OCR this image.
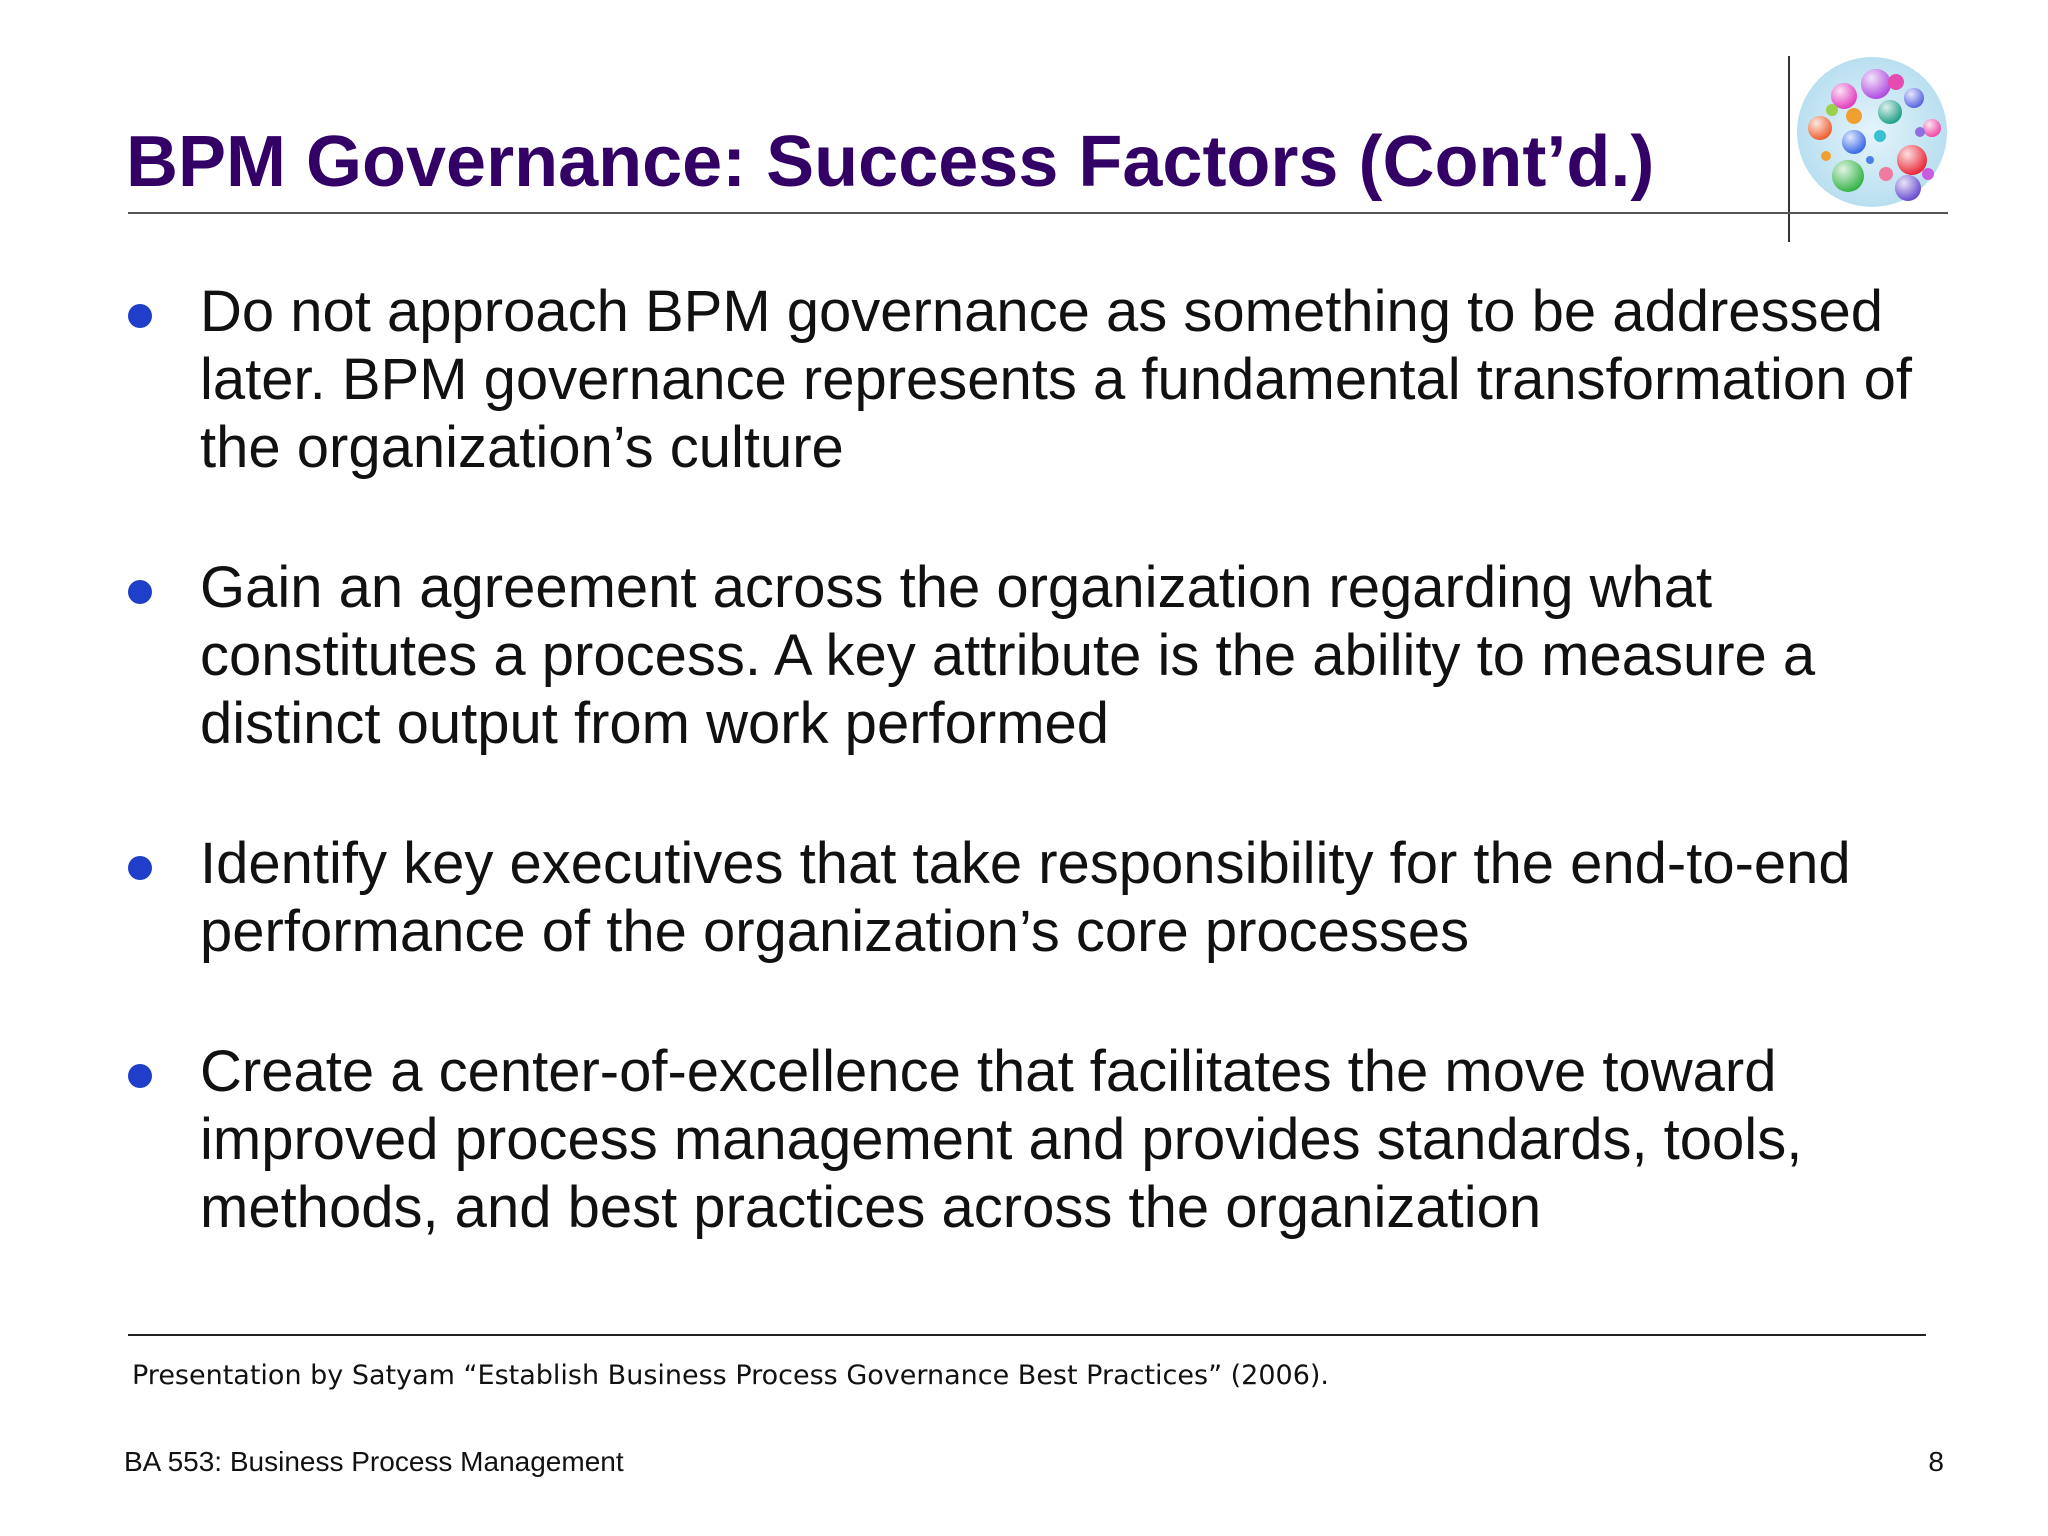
BPM Governance: Success Factors (Cont’d.)
Do not approach BPM governance as something to be addressed later. BPM governance represents a fundamental transformation of the organization’s culture
Gain an agreement across the organization regarding what constitutes a process. A key attribute is the ability to measure a distinct output from work performed
Identify key executives that take responsibility for the end-to-end performance of the organization’s core processes
Create a center-of-excellence that facilitates the move toward improved process management and provides standards, tools, methods, and best practices across the organization
Presentation by Satyam “Establish Business Process Governance Best Practices” (2006).
BA 553: Business Process Management	8
